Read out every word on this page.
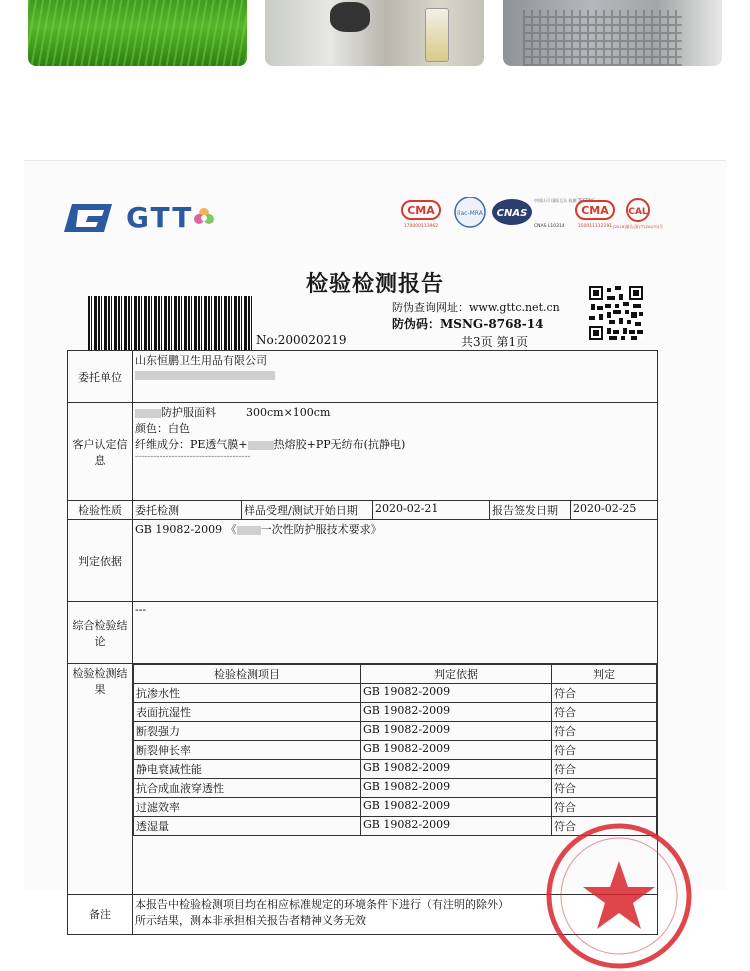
GTT	CMA
170000113962
ilac-MRA CNAS
中国认可 国际互认 检测 TESTING
CNAS L10314
CMA
150011112191
CAL
[2018]量认(浙)字(Z0470)号
检验检测报告
No:200020219
防伪查询网址：www.gttc.net.cn
防伪码：MSNG-8768-14
共3页 第1页
委托单位	
山东恒鹏卫生用品有限公司

客户认定信息	
防护服面料	300cm×100cm
颜色：白色
纤维成分：PE透气膜+ 热熔胶+PP无纺布(抗静电)
--------------------------------------

检验性质	委托检测	样品受理/测试开始日期	2020-02-21		报告签发日期	2020-02-25

判定依据	GB 19082-2009 《 一次性防护服技术要求》
综合检验结论	---
检验检测结果	
检验检测项目	判定依据	判定
抗渗水性	GB 19082-2009	符合
表面抗湿性	GB 19082-2009	符合
断裂强力	GB 19082-2009	符合
断裂伸长率	GB 19082-2009	符合
静电衰减性能	GB 19082-2009	符合
抗合成血液穿透性	GB 19082-2009	符合
过滤效率	GB 19082-2009	符合
透湿量	GB 19082-2009	符合

备注	
本报告中检验检测项目均在相应标准规定的环境条件下进行（有注明的除外）
所示结果，测本非承担相关报告者精神义务无效
